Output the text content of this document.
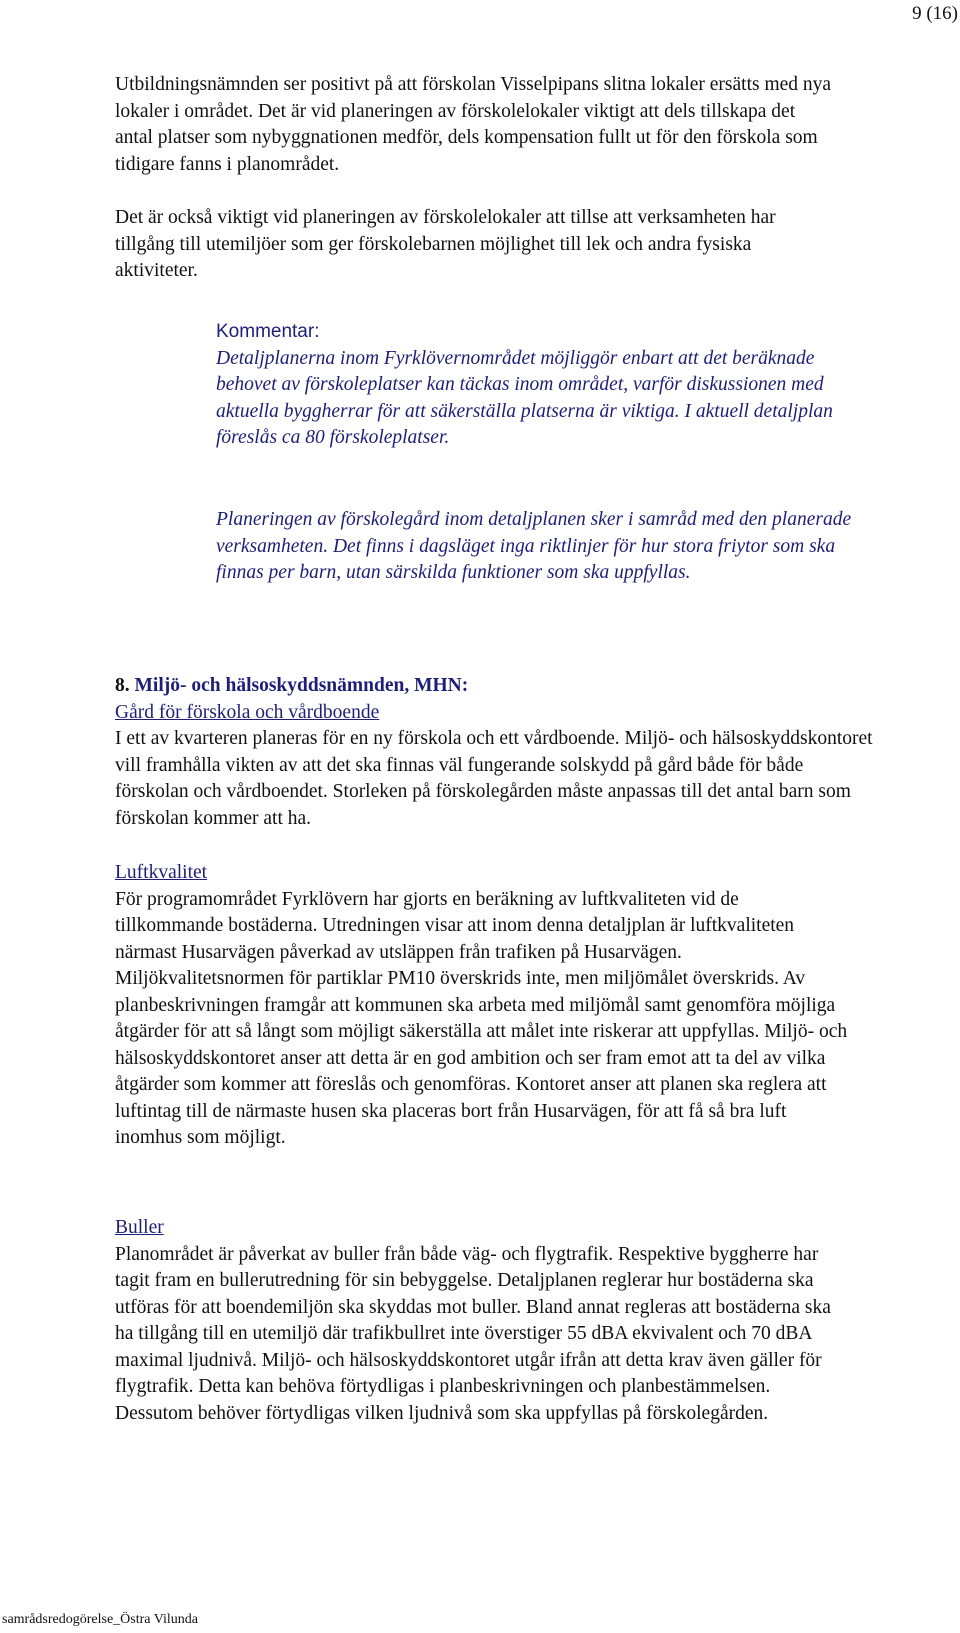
9 (16)

Utbildningsnämnden ser positivt på att förskolan Visselpipans slitna lokaler ersätts med nya lokaler i området. Det är vid planeringen av förskolelokaler viktigt att dels tillskapa det antal platser som nybyggnationen medför, dels kompensation fullt ut för den förskola som tidigare fanns i planområdet.

Det är också viktigt vid planeringen av förskolelokaler att tillse att verksamheten har tillgång till utemiljöer som ger förskolebarnen möjlighet till lek och andra fysiska aktiviteter.

Kommentar:

Detaljplanerna inom Fyrklövernområdet möjliggör enbart att det beräknade behovet av förskoleplatser kan täckas inom området, varför diskussionen med aktuella byggherrar för att säkerställa platserna är viktiga. I aktuell detaljplan föreslås ca 80 förskoleplatser.

Planeringen av förskolegård inom detaljplanen sker i samråd med den planerade verksamheten. Det finns i dagsläget inga riktlinjer för hur stora friytor som ska finnas per barn, utan särskilda funktioner som ska uppfyllas.

8. Miljö- och hälsoskyddsnämnden, MHN:

Gård för förskola och vårdboende

I ett av kvarteren planeras för en ny förskola och ett vårdboende. Miljö- och hälsoskyddskontoret vill framhålla vikten av att det ska finnas väl fungerande solskydd på gård både för både förskolan och vårdboendet. Storleken på förskolegården måste anpassas till det antal barn som förskolan kommer att ha.

Luftkvalitet

För programområdet Fyrklövern har gjorts en beräkning av luftkvaliteten vid de tillkommande bostäderna. Utredningen visar att inom denna detaljplan är luftkvaliteten närmast Husarvägen påverkad av utsläppen från trafiken på Husarvägen. Miljökvalitetsnormen för partiklar PM10 överskrids inte, men miljömålet överskrids. Av planbeskrivningen framgår att kommunen ska arbeta med miljömål samt genomföra möjliga åtgärder för att så långt som möjligt säkerställa att målet inte riskerar att uppfyllas. Miljö- och hälsoskyddskontoret anser att detta är en god ambition och ser fram emot att ta del av vilka åtgärder som kommer att föreslås och genomföras. Kontoret anser att planen ska reglera att luftintag till de närmaste husen ska placeras bort från Husarvägen, för att få så bra luft inomhus som möjligt.

Buller

Planområdet är påverkat av buller från både väg- och flygtrafik. Respektive byggherre har tagit fram en bullerutredning för sin bebyggelse. Detaljplanen reglerar hur bostäderna ska utföras för att boendemiljön ska skyddas mot buller. Bland annat regleras att bostäderna ska ha tillgång till en utemiljö där trafikbullret inte överstiger 55 dBA ekvivalent och 70 dBA maximal ljudnivå. Miljö- och hälsoskyddskontoret utgår ifrån att detta krav även gäller för flygtrafik. Detta kan behöva förtydligas i planbeskrivningen och planbestämmelsen. Dessutom behöver förtydligas vilken ljudnivå som ska uppfyllas på förskolegården.

samrådsredogörelse_Östra Vilunda
